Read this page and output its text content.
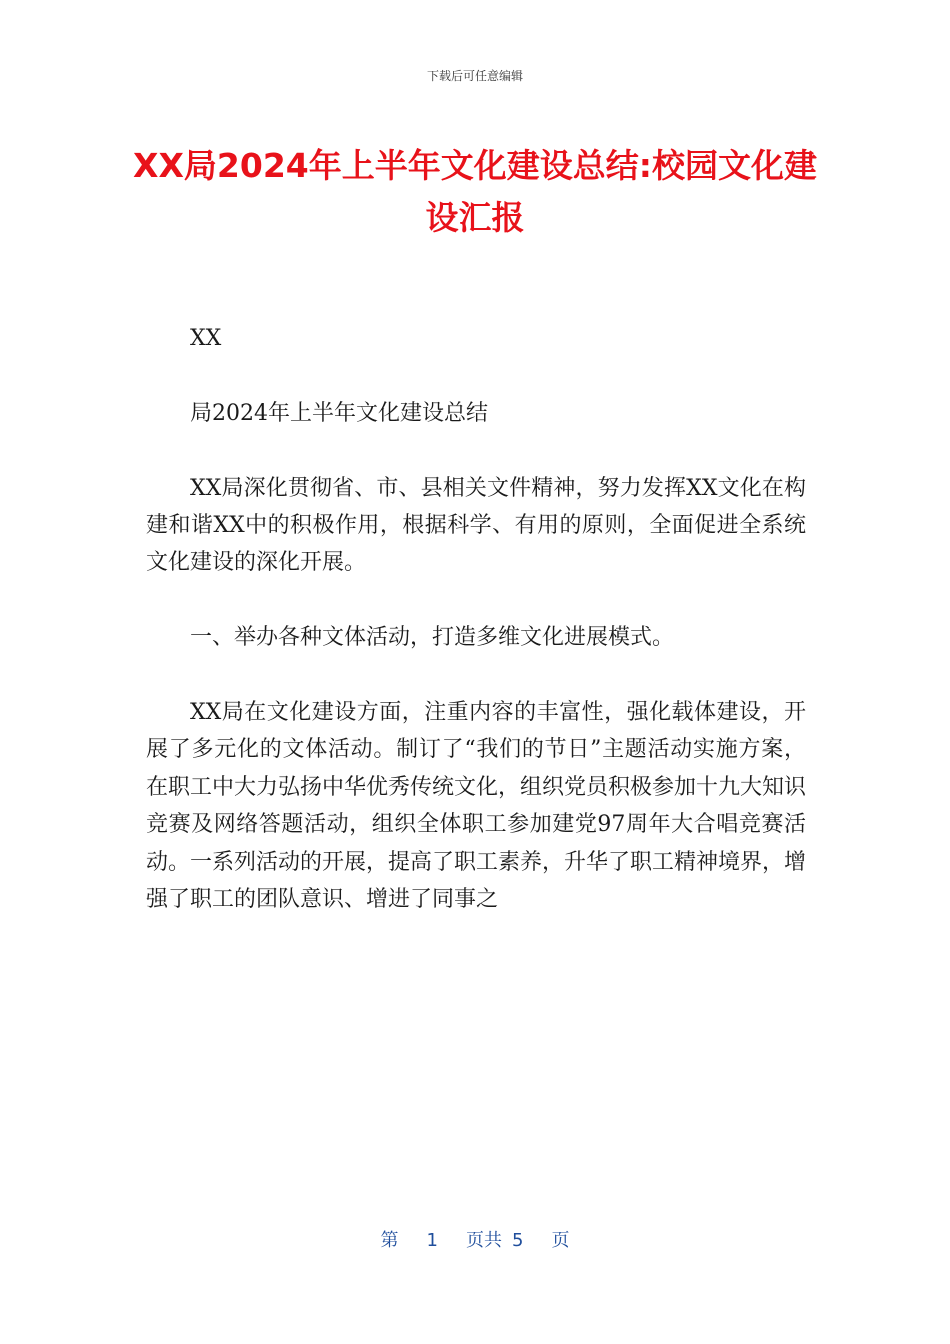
下载后可任意编辑
XX局2024年上半年文化建设总结:校园文化建设汇报

XX

局2024年上半年文化建设总结

XX局深化贯彻省、市、县相关文件精神，努力发挥XX文化在构建和谐XX中的积极作用，根据科学、有用的原则，全面促进全系统文化建设的深化开展。

一、举办各种文体活动，打造多维文化进展模式。

XX局在文化建设方面，注重内容的丰富性，强化载体建设，开展了多元化的文体活动。制订了“我们的节日”主题活动实施方案，在职工中大力弘扬中华优秀传统文化，组织党员积极参加十九大知识竞赛及网络答题活动，组织全体职工参加建党97周年大合唱竞赛活动。一系列活动的开展，提高了职工素养，升华了职工精神境界，增强了职工的团队意识、增进了同事之

第 1 页共 5 页
